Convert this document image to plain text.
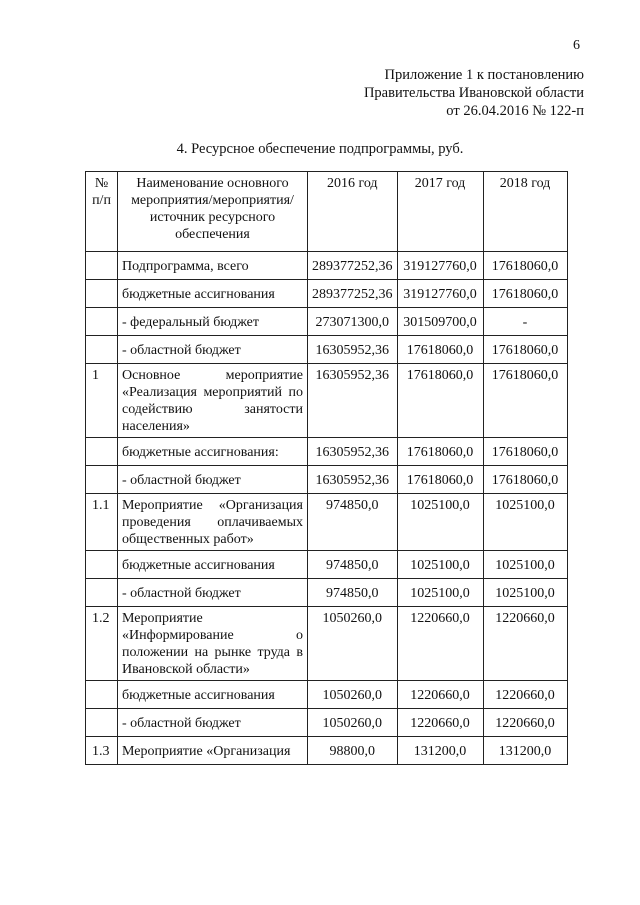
6
Приложение 1 к постановлению
Правительства Ивановской области
от 26.04.2016 № 122-п
4. Ресурсное обеспечение подпрограммы, руб.
№ п/п	Наименование основного мероприятия/мероприятия/ источник ресурсного обеспечения	2016 год	2017 год	2018 год
	Подпрограмма, всего	289377252,36	319127760,0	17618060,0
	бюджетные ассигнования	289377252,36	319127760,0	17618060,0
	- федеральный бюджет	273071300,0	301509700,0	-
	- областной бюджет	16305952,36	17618060,0	17618060,0
1	Основное мероприятие «Реализация мероприятий по содействию занятости населения»	16305952,36	17618060,0	17618060,0
	бюджетные ассигнования:	16305952,36	17618060,0	17618060,0
	- областной бюджет	16305952,36	17618060,0	17618060,0
1.1	Мероприятие «Организация проведения оплачиваемых общественных работ»	974850,0	1025100,0	1025100,0
	бюджетные ассигнования	974850,0	1025100,0	1025100,0
	- областной бюджет	974850,0	1025100,0	1025100,0
1.2	Мероприятие «Информирование о положении на рынке труда в Ивановской области»	1050260,0	1220660,0	1220660,0
	бюджетные ассигнования	1050260,0	1220660,0	1220660,0
	- областной бюджет	1050260,0	1220660,0	1220660,0
1.3	Мероприятие «Организация	98800,0	131200,0	131200,0
